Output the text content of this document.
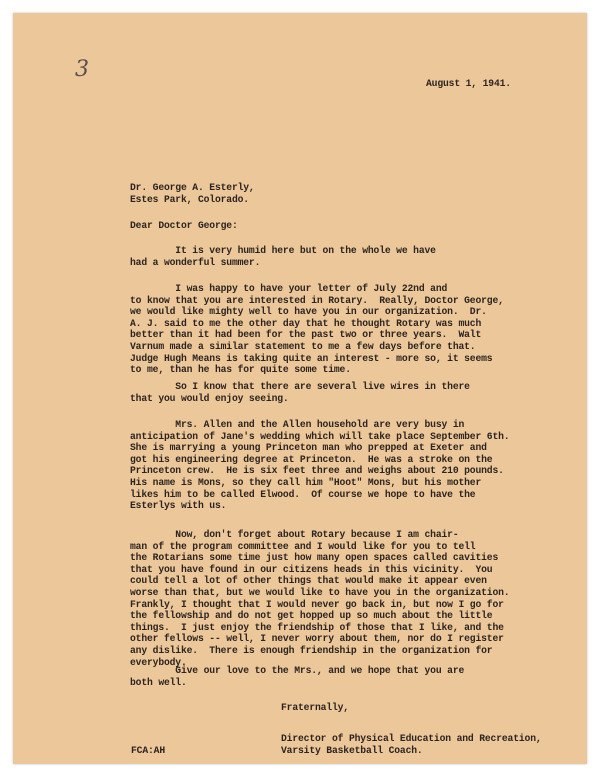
3
August 1, 1941.
Dr. George A. Esterly,
Estes Park, Colorado.
Dear Doctor George:
It is very humid here but on the whole we have
had a wonderful summer.
I was happy to have your letter of July 22nd and
to know that you are interested in Rotary.  Really, Doctor George,
we would like mighty well to have you in our organization.  Dr.
A. J. said to me the other day that he thought Rotary was much
better than it had been for the past two or three years.  Walt
Varnum made a similar statement to me a few days before that.
Judge Hugh Means is taking quite an interest - more so, it seems
to me, than he has for quite some time.
So I know that there are several live wires in there
that you would enjoy seeing.
Mrs. Allen and the Allen household are very busy in
anticipation of Jane's wedding which will take place September 6th.
She is marrying a young Princeton man who prepped at Exeter and
got his engineering degree at Princeton.  He was a stroke on the
Princeton crew.  He is six feet three and weighs about 210 pounds.
His name is Mons, so they call him "Hoot" Mons, but his mother
likes him to be called Elwood.  Of course we hope to have the
Esterlys with us.
Now, don't forget about Rotary because I am chair-
man of the program committee and I would like for you to tell
the Rotarians some time just how many open spaces called cavities
that you have found in our citizens heads in this vicinity.  You
could tell a lot of other things that would make it appear even
worse than that, but we would like to have you in the organization.
Frankly, I thought that I would never go back in, but now I go for
the fellowship and do not get hopped up so much about the little
things.  I just enjoy the friendship of those that I like, and the
other fellows -- well, I never worry about them, nor do I register
any dislike.  There is enough friendship in the organization for
everybody.
Give our love to the Mrs., and we hope that you are
both well.
Fraternally,
Director of Physical Education and Recreation,
Varsity Basketball Coach.
FCA:AH
